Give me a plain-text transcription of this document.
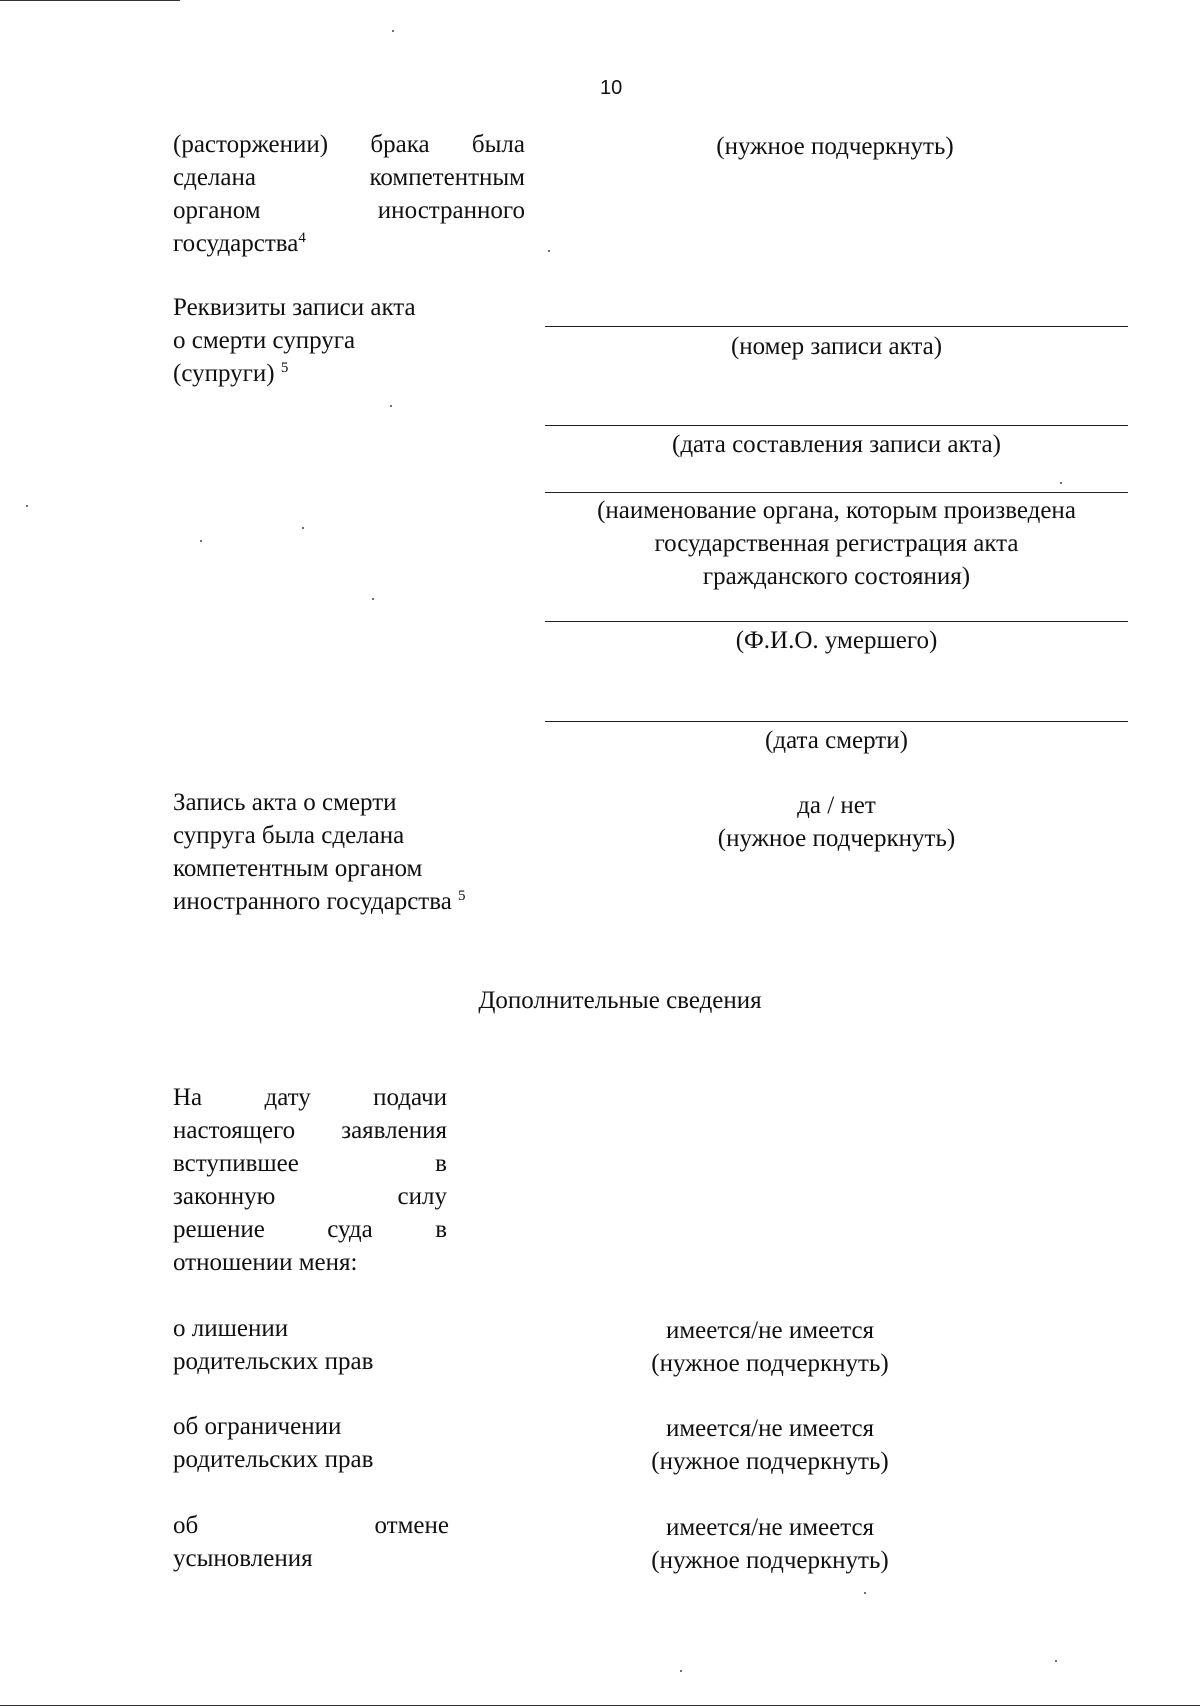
10
(расторжении) брака была
сделана компетентным
органом иностранного
государства$^4$
(нужное подчеркнуть)
Реквизиты записи акта
о смерти супруга
(супруги) $^5$
(номер записи акта)
(дата составления записи акта)
(наименование органа, которым произведена
государственная регистрация акта
гражданского состояния)
(Ф.И.О. умершего)
(дата смерти)
Запись акта о смерти
супруга была сделана
компетентным органом
иностранного государства $^5$
да / нет
(нужное подчеркнуть)
Дополнительные сведения
На дату подачи
настоящего заявления
вступившее в
законную силу
решение суда в
отношении меня:
о лишении
родительских прав
имеется/не имеется
(нужное подчеркнуть)
об ограничении
родительских прав
имеется/не имеется
(нужное подчеркнуть)
об отмене
усыновления
имеется/не имеется
(нужное подчеркнуть)
